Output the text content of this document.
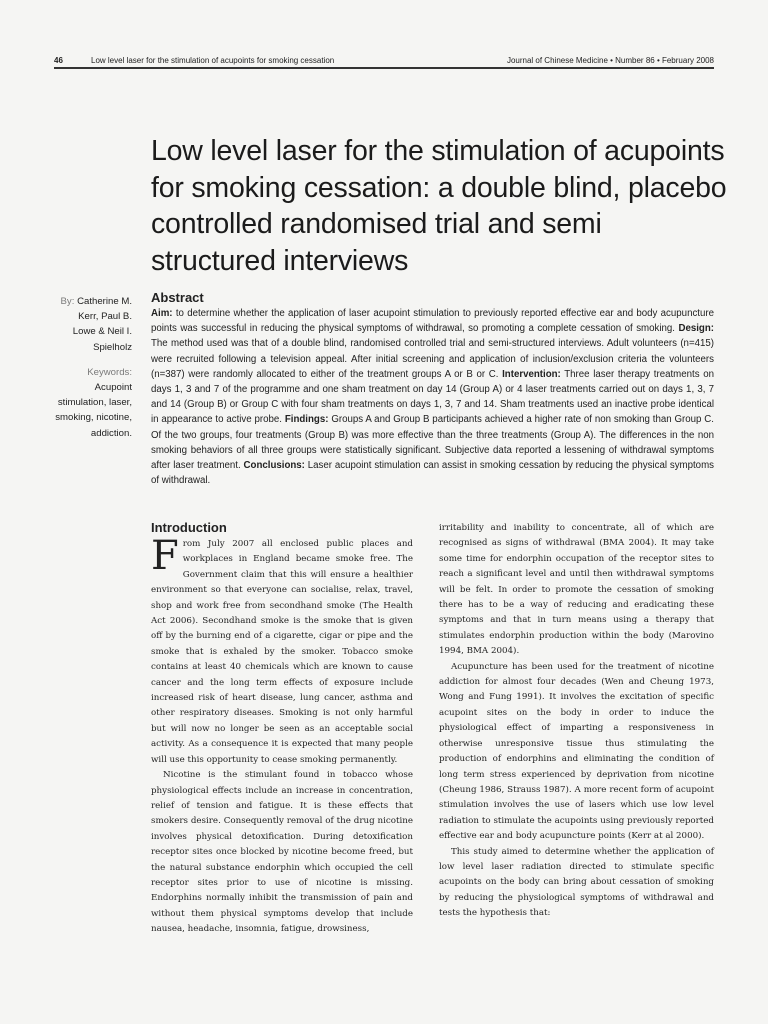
46	Low level laser for the stimulation of acupoints for smoking cessation	Journal of Chinese Medicine • Number 86 • February 2008
Low level laser for the stimulation of acupoints for smoking cessation: a double blind, placebo controlled randomised trial and semi structured interviews
By: Catherine M. Kerr, Paul B. Lowe & Neil I. Spielholz
Keywords:
Acupoint stimulation, laser, smoking, nicotine, addiction.
Abstract

Aim: to determine whether the application of laser acupoint stimulation to previously reported effective ear and body acupuncture points was successful in reducing the physical symptoms of withdrawal, so promoting a complete cessation of smoking. Design: The method used was that of a double blind, randomised controlled trial and semi-structured interviews. Adult volunteers (n=415) were recruited following a television appeal. After initial screening and application of inclusion/exclusion criteria the volunteers (n=387) were randomly allocated to either of the treatment groups A or B or C. Intervention: Three laser therapy treatments on days 1, 3 and 7 of the programme and one sham treatment on day 14 (Group A) or 4 laser treatments carried out on days 1, 3, 7 and 14 (Group B) or Group C with four sham treatments on days 1, 3, 7 and 14. Sham treatments used an inactive probe identical in appearance to active probe. Findings: Groups A and Group B participants achieved a higher rate of non smoking than Group C. Of the two groups, four treatments (Group B) was more effective than the three treatments (Group A). The differences in the non smoking behaviors of all three groups were statistically significant. Subjective data reported a lessening of withdrawal symptoms after laser treatment. Conclusions: Laser acupoint stimulation can assist in smoking cessation by reducing the physical symptoms of withdrawal.

Introduction

From July 2007 all enclosed public places and workplaces in England became smoke free. The Government claim that this will ensure a healthier environment so that everyone can socialise, relax, travel, shop and work free from secondhand smoke (The Health Act 2006). Secondhand smoke is the smoke that is given off by the burning end of a cigarette, cigar or pipe and the smoke that is exhaled by the smoker. Tobacco smoke contains at least 40 chemicals which are known to cause cancer and the long term effects of exposure include increased risk of heart disease, lung cancer, asthma and other respiratory diseases. Smoking is not only harmful but will now no longer be seen as an acceptable social activity. As a consequence it is expected that many people will use this opportunity to cease smoking permanently.

Nicotine is the stimulant found in tobacco whose physiological effects include an increase in concentration, relief of tension and fatigue. It is these effects that smokers desire. Consequently removal of the drug nicotine involves physical detoxification. During detoxification receptor sites once blocked by nicotine become freed, but the natural substance endorphin which occupied the cell receptor sites prior to use of nicotine is missing. Endorphins normally inhibit the transmission of pain and without them physical symptoms develop that include nausea, headache, insomnia, fatigue, drowsiness,

irritability and inability to concentrate, all of which are recognised as signs of withdrawal (BMA 2004). It may take some time for endorphin occupation of the receptor sites to reach a significant level and until then withdrawal symptoms will be felt. In order to promote the cessation of smoking there has to be a way of reducing and eradicating these symptoms and that in turn means using a therapy that stimulates endorphin production within the body (Marovino 1994, BMA 2004).

Acupuncture has been used for the treatment of nicotine addiction for almost four decades (Wen and Cheung 1973, Wong and Fung 1991). It involves the excitation of specific acupoint sites on the body in order to induce the physiological effect of imparting a responsiveness in otherwise unresponsive tissue thus stimulating the production of endorphins and eliminating the condition of long term stress experienced by deprivation from nicotine (Cheung 1986, Strauss 1987). A more recent form of acupoint stimulation involves the use of lasers which use low level radiation to stimulate the acupoints using previously reported effective ear and body acupuncture points (Kerr at al 2000).

This study aimed to determine whether the application of low level laser radiation directed to stimulate specific acupoints on the body can bring about cessation of smoking by reducing the physiological symptoms of withdrawal and tests the hypothesis that:
